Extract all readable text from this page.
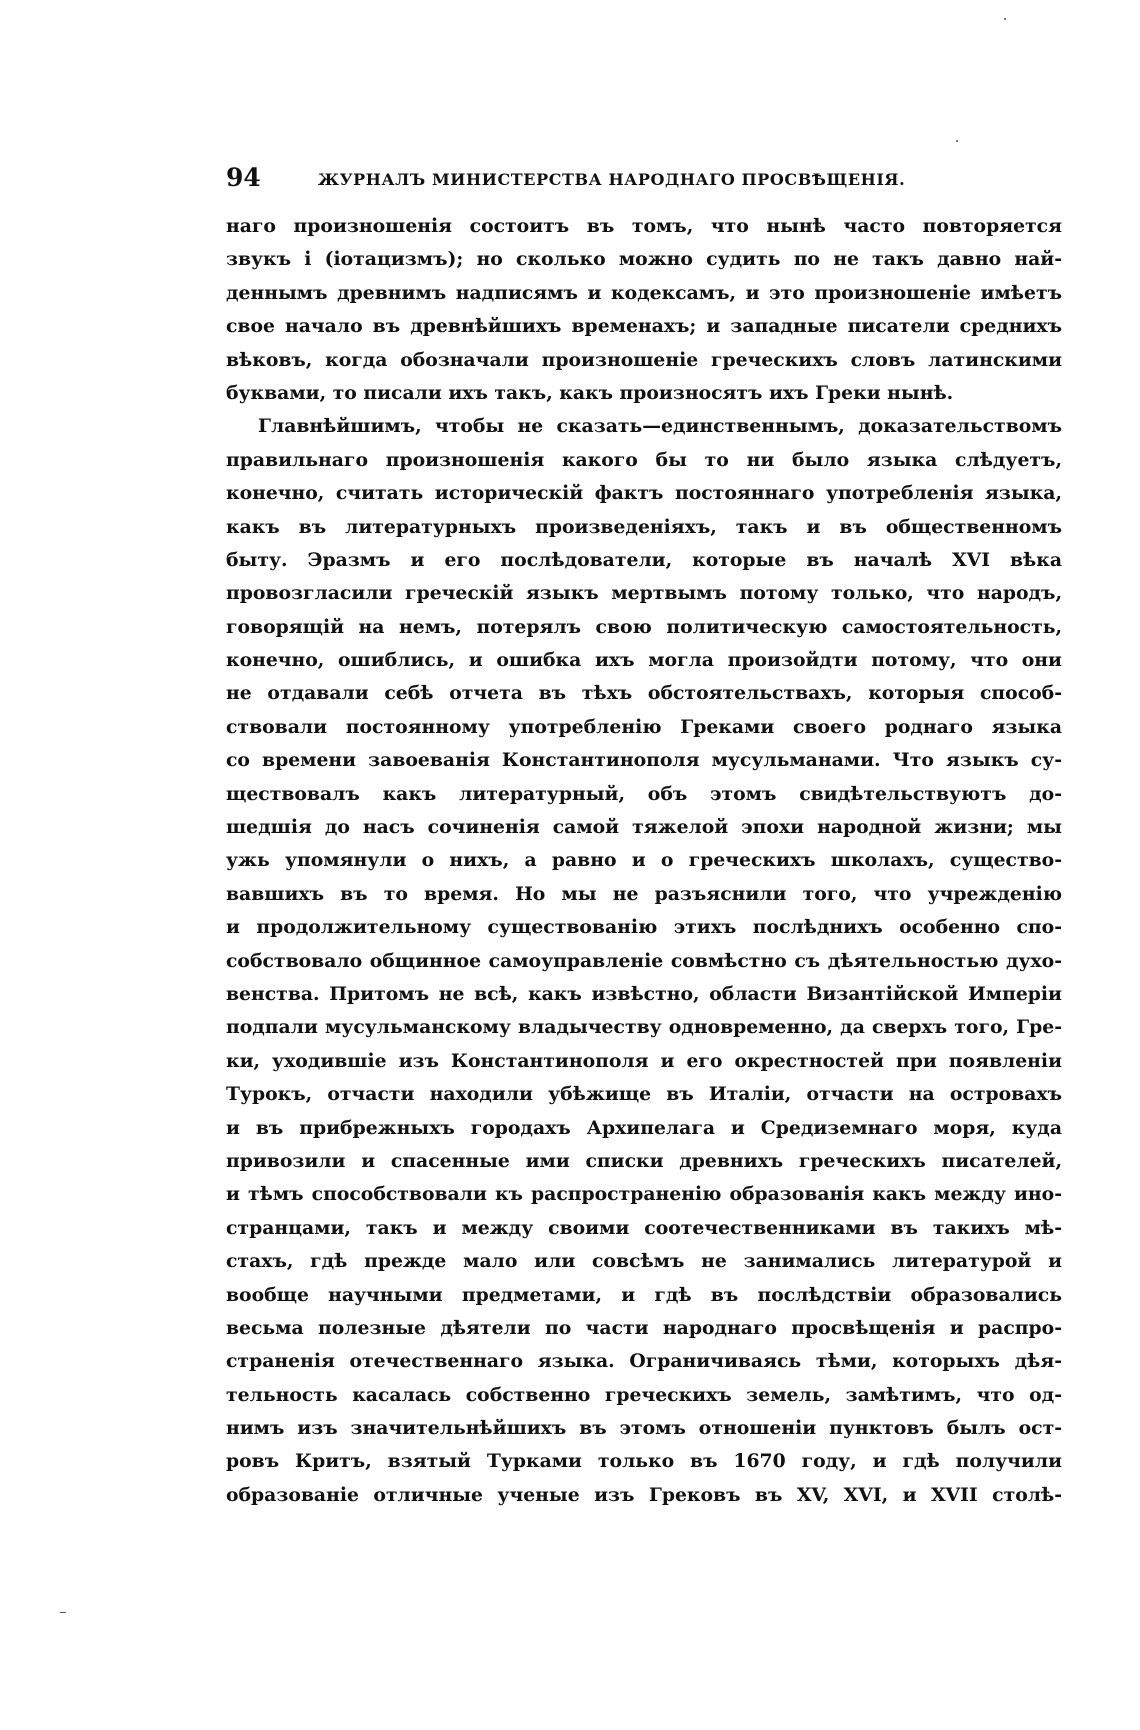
94	ЖУРНАЛЪ МИНИСТЕРСТВА НАРОДНАГО ПРОСВѢЩЕНІЯ.
наго произношенія состоитъ въ томъ, что нынѣ часто повторяется
звукъ i (іотацизмъ); но сколько можно судить по не такъ давно най-
деннымъ древнимъ надписямъ и кодексамъ, и это произношеніе имѣетъ
свое начало въ древнѣйшихъ временахъ; и западные писатели среднихъ
вѣковъ, когда обозначали произношеніе греческихъ словъ латинскими
буквами, то писали ихъ такъ, какъ произносятъ ихъ Греки нынѣ.
Главнѣйшимъ, чтобы не сказать—единственнымъ, доказательствомъ
правильнаго произношенія какого бы то ни было языка слѣдуетъ,
конечно, считать историческій фактъ постояннаго употребленія языка,
какъ въ литературныхъ произведеніяхъ, такъ и въ общественномъ
быту. Эразмъ и его послѣдователи, которые въ началѣ XVI вѣка
провозгласили греческій языкъ мертвымъ потому только, что народъ,
говорящій на немъ, потерялъ свою политическую самостоятельность,
конечно, ошиблись, и ошибка ихъ могла произойдти потому, что они
не отдавали себѣ отчета въ тѣхъ обстоятельствахъ, которыя способ-
ствовали постоянному употребленію Греками своего роднаго языка
со времени завоеванія Константинополя мусульманами. Что языкъ су-
ществовалъ какъ литературный, объ этомъ свидѣтельствуютъ до-
шедшія до насъ сочиненія самой тяжелой эпохи народной жизни; мы
ужь упомянули о нихъ, а равно и о греческихъ школахъ, существо-
вавшихъ въ то время. Но мы не разъяснили того, что учрежденію
и продолжительному существованію этихъ послѣднихъ особенно спо-
собствовало общинное самоуправленіе совмѣстно съ дѣятельностью духо-
венства. Притомъ не всѣ, какъ извѣстно, области Византійской Имперіи
подпали мусульманскому владычеству одновременно, да сверхъ того, Гре-
ки, уходившіе изъ Константинополя и его окрестностей при появленіи
Турокъ, отчасти находили убѣжище въ Италіи, отчасти на островахъ
и въ прибрежныхъ городахъ Архипелага и Средиземнаго моря, куда
привозили и спасенные ими списки древнихъ греческихъ писателей,
и тѣмъ способствовали къ распространенію образованія какъ между ино-
странцами, такъ и между своими соотечественниками въ такихъ мѣ-
стахъ, гдѣ прежде мало или совсѣмъ не занимались литературой и
вообще научными предметами, и гдѣ въ послѣдствіи образовались
весьма полезные дѣятели по части народнаго просвѣщенія и распро-
страненія отечественнаго языка. Ограничиваясь тѣми, которыхъ дѣя-
тельность касалась собственно греческихъ земель, замѣтимъ, что од-
нимъ изъ значительнѣйшихъ въ этомъ отношеніи пунктовъ былъ ост-
ровъ Критъ, взятый Турками только въ 1670 году, и гдѣ получили
образованіе отличные ученые изъ Грековъ въ XV, XVI, и XVII столѣ-
